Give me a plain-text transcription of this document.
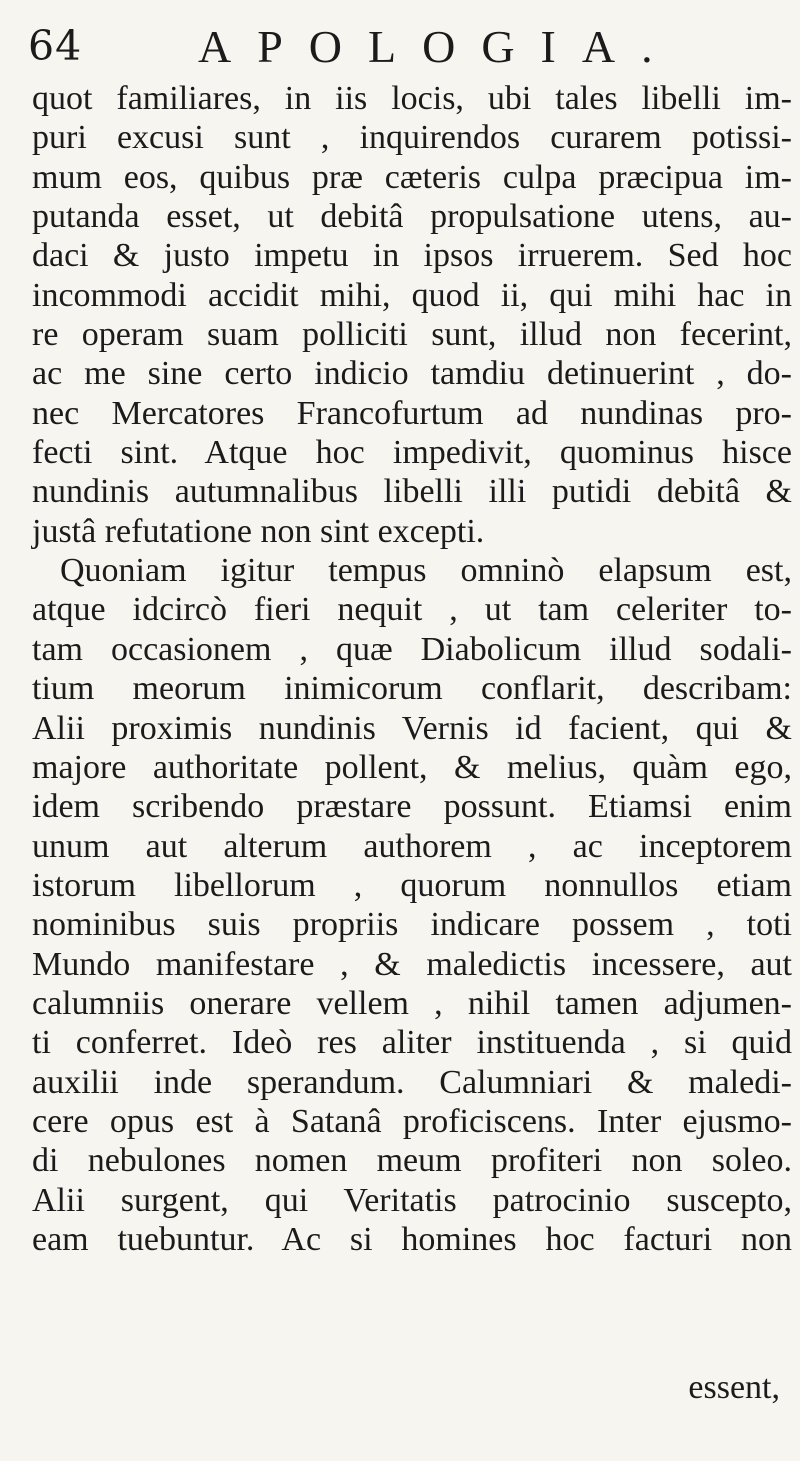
64	APOLOGIA.
quot familiares, in iis locis, ubi tales libelli im-
puri excusi sunt , inquirendos curarem potissi-
mum eos, quibus præ cæteris culpa præcipua im-
putanda esset, ut debitâ propulsatione utens, au-
daci & justo impetu in ipsos irruerem. Sed hoc
incommodi accidit mihi, quod ii, qui mihi hac in
re operam suam polliciti sunt, illud non fecerint,
ac me sine certo indicio tamdiu detinuerint , do-
nec Mercatores Francofurtum ad nundinas pro-
fecti sint. Atque hoc impedivit, quominus hisce
nundinis autumnalibus libelli illi putidi debitâ &
justâ refutatione non sint excepti.
Quoniam igitur tempus omninò elapsum est,
atque idcircò fieri nequit , ut tam celeriter to-
tam occasionem , quæ Diabolicum illud sodali-
tium meorum inimicorum conflarit, describam:
Alii proximis nundinis Vernis id facient, qui &
majore authoritate pollent, & melius, quàm ego,
idem scribendo præstare possunt. Etiamsi enim
unum aut alterum authorem , ac inceptorem
istorum libellorum , quorum nonnullos etiam
nominibus suis propriis indicare possem , toti
Mundo manifestare , & maledictis incessere, aut
calumniis onerare vellem , nihil tamen adjumen-
ti conferret. Ideò res aliter instituenda , si quid
auxilii inde sperandum. Calumniari & maledi-
cere opus est à Satanâ proficiscens. Inter ejusmo-
di nebulones nomen meum profiteri non soleo.
Alii surgent, qui Veritatis patrocinio suscepto,
eam tuebuntur. Ac si homines hoc facturi non
essent,
